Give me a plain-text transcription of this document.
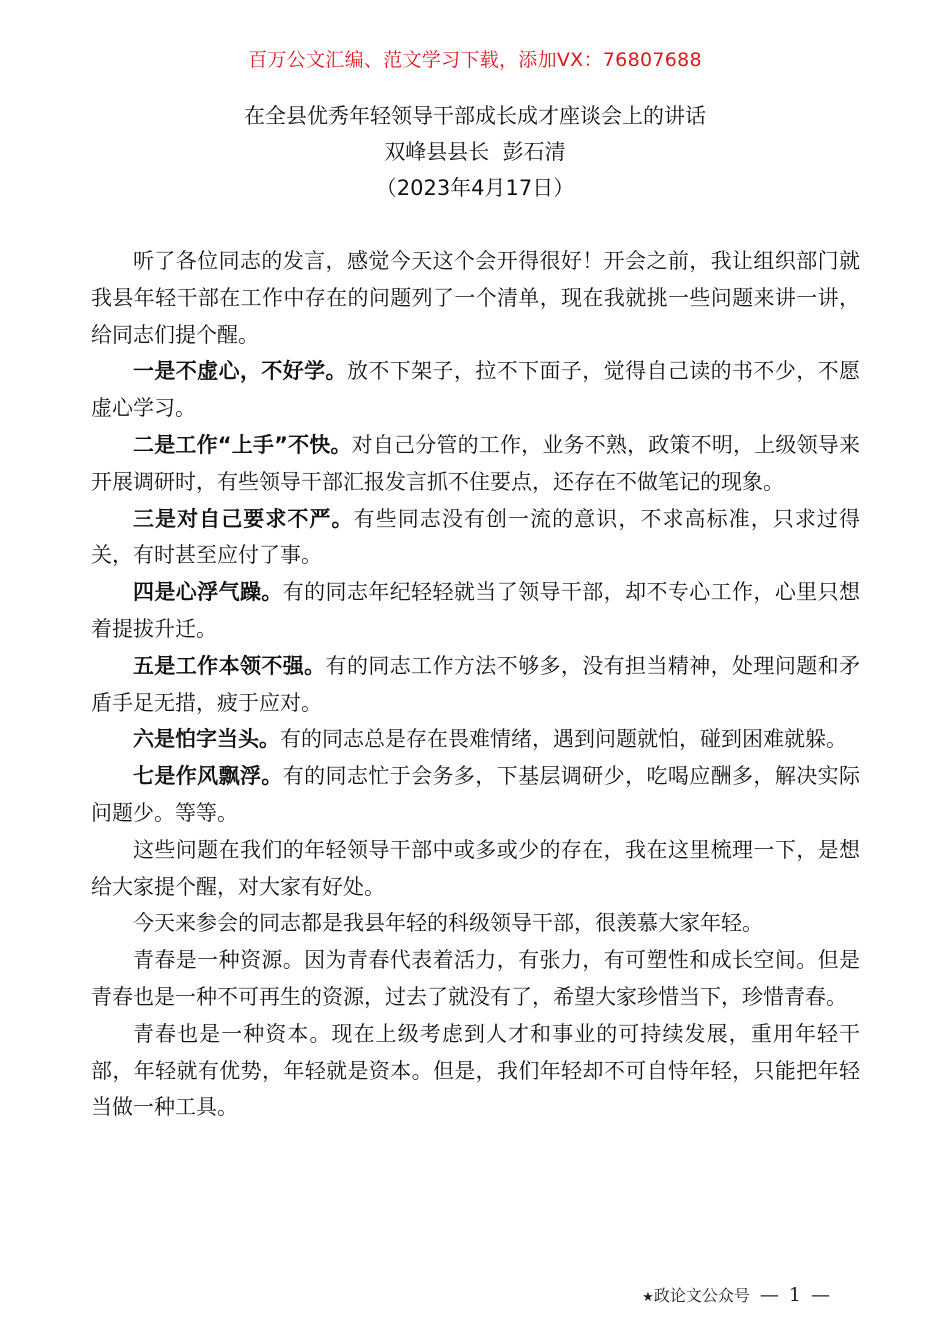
百万公文汇编、范文学习下载，添加VX：76807688
在全县优秀年轻领导干部成长成才座谈会上的讲话
双峰县县长  彭石清
（2023年4月17日）

听了各位同志的发言，感觉今天这个会开得很好！开会之前，我让组织部门就我县年轻干部在工作中存在的问题列了一个清单，现在我就挑一些问题来讲一讲，给同志们提个醒。

一是不虚心，不好学。放不下架子，拉不下面子，觉得自己读的书不少，不愿虚心学习。

二是工作“上手”不快。对自己分管的工作，业务不熟，政策不明，上级领导来开展调研时，有些领导干部汇报发言抓不住要点，还存在不做笔记的现象。

三是对自己要求不严。有些同志没有创一流的意识，不求高标准，只求过得关，有时甚至应付了事。

四是心浮气躁。有的同志年纪轻轻就当了领导干部，却不专心工作，心里只想着提拔升迁。

五是工作本领不强。有的同志工作方法不够多，没有担当精神，处理问题和矛盾手足无措，疲于应对。

六是怕字当头。有的同志总是存在畏难情绪，遇到问题就怕，碰到困难就躲。

七是作风飘浮。有的同志忙于会务多，下基层调研少，吃喝应酬多，解决实际问题少。等等。

这些问题在我们的年轻领导干部中或多或少的存在，我在这里梳理一下，是想给大家提个醒，对大家有好处。

今天来参会的同志都是我县年轻的科级领导干部，很羡慕大家年轻。

青春是一种资源。因为青春代表着活力，有张力，有可塑性和成长空间。但是青春也是一种不可再生的资源，过去了就没有了，希望大家珍惜当下，珍惜青春。

青春也是一种资本。现在上级考虑到人才和事业的可持续发展，重用年轻干部，年轻就有优势，年轻就是资本。但是，我们年轻却不可自恃年轻，只能把年轻当做一种工具。

★政论文公众号 — 1 —
